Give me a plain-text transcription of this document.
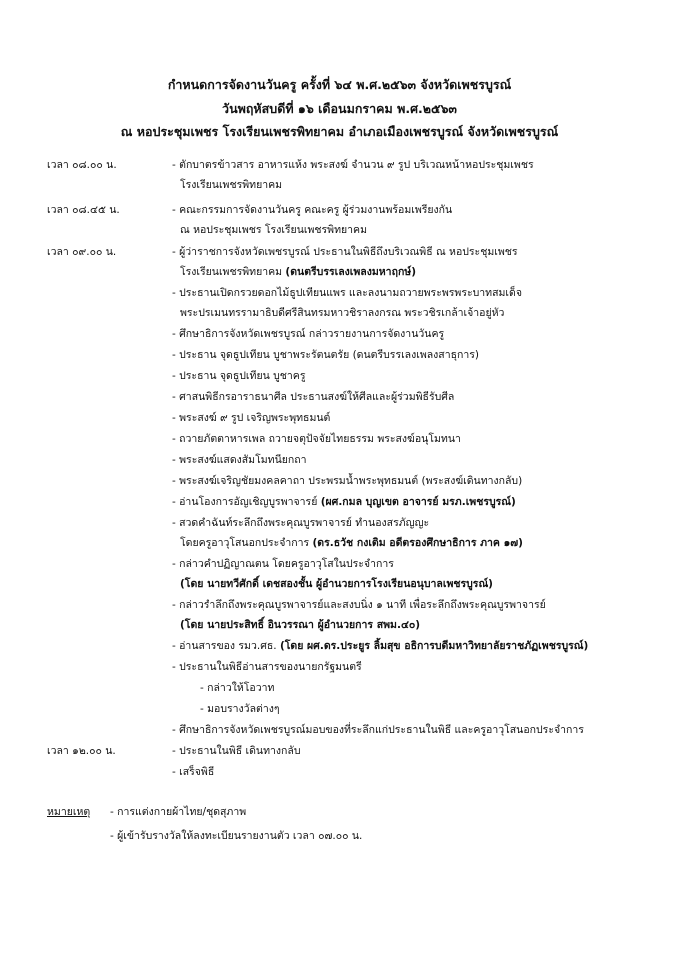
กำหนดการจัดงานวันครู ครั้งที่ ๖๔ พ.ศ.๒๕๖๓ จังหวัดเพชรบูรณ์
วันพฤหัสบดีที่ ๑๖ เดือนมกราคม พ.ศ.๒๕๖๓
ณ หอประชุมเพชร โรงเรียนเพชรพิทยาคม อำเภอเมืองเพชรบูรณ์ จังหวัดเพชรบูรณ์
เวลา ๐๘.๐๐ น.	- ตักบาตรข้าวสาร อาหารแห้ง พระสงฆ์ จำนวน ๙ รูป บริเวณหน้าหอประชุมเพชร
โรงเรียนเพชรพิทยาคม
เวลา ๐๘.๔๕ น.	- คณะกรรมการจัดงานวันครู คณะครู ผู้ร่วมงานพร้อมเพรียงกัน
ณ หอประชุมเพชร โรงเรียนเพชรพิทยาคม
เวลา ๐๙.๐๐ น.	- ผู้ว่าราชการจังหวัดเพชรบูรณ์ ประธานในพิธีถึงบริเวณพิธี ณ หอประชุมเพชร
โรงเรียนเพชรพิทยาคม (ดนตรีบรรเลงเพลงมหาฤกษ์)
- ประธานเปิดกรวยดอกไม้ธูปเทียนแพร และลงนามถวายพระพรพระบาทสมเด็จ
พระปรเมนทรรามาธิบดีศรีสินทรมหาวชิราลงกรณ พระวชิรเกล้าเจ้าอยู่หัว
- ศึกษาธิการจังหวัดเพชรบูรณ์ กล่าวรายงานการจัดงานวันครู
- ประธาน จุดธูปเทียน บูชาพระรัตนตรัย (ดนตรีบรรเลงเพลงสาธุการ)
- ประธาน จุดธูปเทียน บูชาครู
- ศาสนพิธีกรอาราธนาศีล ประธานสงฆ์ให้ศีลและผู้ร่วมพิธีรับศีล
- พระสงฆ์ ๙ รูป เจริญพระพุทธมนต์
- ถวายภัตตาหารเพล ถวายจตุปัจจัยไทยธรรม พระสงฆ์อนุโมทนา
- พระสงฆ์แสดงสัมโมทนียกถา
- พระสงฆ์เจริญชัยมงคลคาถา ประพรมน้ำพระพุทธมนต์ (พระสงฆ์เดินทางกลับ)
- อ่านโองการอัญเชิญบูรพาจารย์ (ผศ.กมล บุญเขต อาจารย์ มรภ.เพชรบูรณ์)
- สวดคำฉันท์ระลึกถึงพระคุณบูรพาจารย์ ทำนองสรภัญญะ
โดยครูอาวุโสนอกประจำการ (ดร.ธวัช กงเติม อดีตรองศึกษาธิการ ภาค ๑๗)
- กล่าวคำปฏิญาณตน โดยครูอาวุโสในประจำการ
(โดย นายทวีศักดิ์ เดชสองชั้น ผู้อำนวยการโรงเรียนอนุบาลเพชรบูรณ์)
- กล่าวรำลึกถึงพระคุณบูรพาจารย์และสงบนิ่ง ๑ นาที เพื่อระลึกถึงพระคุณบูรพาจารย์
(โดย นายประสิทธิ์ อินวรรณา ผู้อำนวยการ สพม.๔๐)
- อ่านสารของ รมว.ศธ. (โดย ผศ.ดร.ประยูร ลิ้มสุข อธิการบดีมหาวิทยาลัยราชภัฏเพชรบูรณ์)
- ประธานในพิธีอ่านสารของนายกรัฐมนตรี
- กล่าวให้โอวาท
- มอบรางวัลต่างๆ
- ศึกษาธิการจังหวัดเพชรบูรณ์มอบของที่ระลึกแก่ประธานในพิธี และครูอาวุโสนอกประจำการ
เวลา ๑๒.๐๐ น.	- ประธานในพิธี เดินทางกลับ
- เสร็จพิธี
หมายเหตุ - การแต่งกายผ้าไทย/ชุดสุภาพ
- ผู้เข้ารับรางวัลให้ลงทะเบียนรายงานตัว เวลา ๐๗.๐๐ น.
